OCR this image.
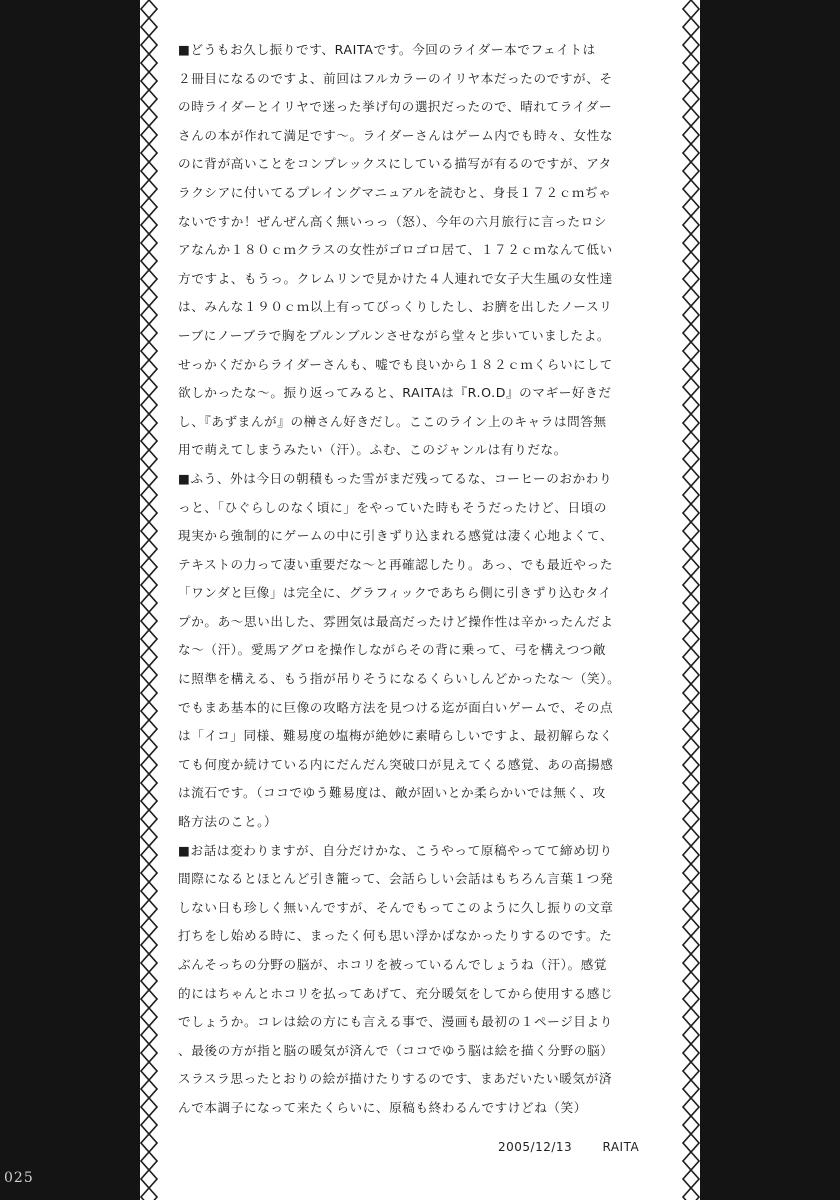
■どうもお久し振りです、RAITAです。今回のライダー本でフェイトは
２冊目になるのですよ、前回はフルカラーのイリヤ本だったのですが、そ
の時ライダーとイリヤで迷った挙げ句の選択だったので、晴れてライダー
さんの本が作れて満足です～。ライダーさんはゲーム内でも時々、女性な
のに背が高いことをコンプレックスにしている描写が有るのですが、アタ
ラクシアに付いてるプレイングマニュアルを読むと、身長１７２ｃｍぢゃ
ないですか！ぜんぜん高く無いっっ（怒）、今年の六月旅行に言ったロシ
アなんか１８０ｃｍクラスの女性がゴロゴロ居て、１７２ｃｍなんて低い
方ですよ、もうっ。クレムリンで見かけた４人連れで女子大生風の女性達
は、みんな１９０ｃｍ以上有ってびっくりしたし、お臍を出したノースリ
ーブにノーブラで胸をブルンブルンさせながら堂々と歩いていましたよ。
せっかくだからライダーさんも、嘘でも良いから１８２ｃｍくらいにして
欲しかったな～。振り返ってみると、RAITAは『R.O.D』のマギー好きだ
し、『あずまんが』の榊さん好きだし。ここのライン上のキャラは問答無
用で萌えてしまうみたい（汗）。ふむ、このジャンルは有りだな。
■ふう、外は今日の朝積もった雪がまだ残ってるな、コーヒーのおかわり
っと、「ひぐらしのなく頃に」をやっていた時もそうだったけど、日頃の
現実から強制的にゲームの中に引きずり込まれる感覚は凄く心地よくて、
テキストの力って凄い重要だな～と再確認したり。あっ、でも最近やった
「ワンダと巨像」は完全に、グラフィックであちら側に引きずり込むタイ
プか。あ～思い出した、雰囲気は最高だったけど操作性は辛かったんだよ
な～（汗）。愛馬アグロを操作しながらその背に乗って、弓を構えつつ敵
に照準を構える、もう指が吊りそうになるくらいしんどかったな～（笑）。
でもまあ基本的に巨像の攻略方法を見つける迄が面白いゲームで、その点
は「イコ」同様、難易度の塩梅が絶妙に素晴らしいですよ、最初解らなく
ても何度か続けている内にだんだん突破口が見えてくる感覚、あの高揚感
は流石です。（ココでゆう難易度は、敵が固いとか柔らかいでは無く、攻
略方法のこと。）
■お話は変わりますが、自分だけかな、こうやって原稿やってて締め切り
間際になるとほとんど引き籠って、会話らしい会話はもちろん言葉１つ発
しない日も珍しく無いんですが、そんでもってこのように久し振りの文章
打ちをし始める時に、まったく何も思い浮かばなかったりするのです。た
ぶんそっちの分野の脳が、ホコリを被っているんでしょうね（汗）。感覚
的にはちゃんとホコリを払ってあげて、充分暖気をしてから使用する感じ
でしょうか。コレは絵の方にも言える事で、漫画も最初の１ページ目より
、最後の方が指と脳の暖気が済んで（ココでゆう脳は絵を描く分野の脳）
スラスラ思ったとおりの絵が描けたりするのです、まあだいたい暖気が済
んで本調子になって来たくらいに、原稿も終わるんですけどね（笑）
2005/12/13	RAITA
025
